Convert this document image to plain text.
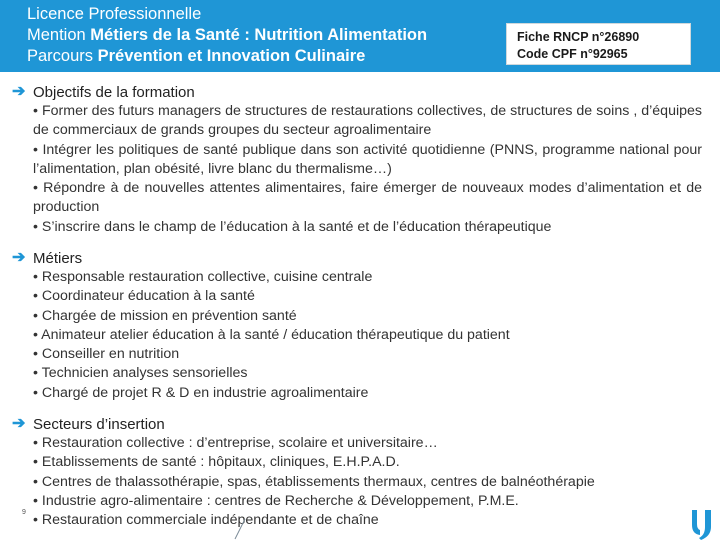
Licence Professionnelle
Mention Métiers de la Santé : Nutrition Alimentation
Parcours Prévention et Innovation Culinaire
Fiche RNCP n°26890
Code CPF n°92965
➔ Objectifs de la formation
• Former des futurs managers de structures de restaurations collectives, de structures de soins , d’équipes de commerciaux de grands groupes du secteur agroalimentaire
• Intégrer les politiques de santé publique dans son activité quotidienne (PNNS, programme national pour l’alimentation, plan obésité, livre blanc du thermalisme…)
• Répondre à de nouvelles attentes alimentaires, faire émerger de nouveaux modes d’alimentation et de production
• S’inscrire dans le champ de l’éducation à la santé et de l’éducation thérapeutique
➔ Métiers
• Responsable restauration collective, cuisine centrale
• Coordinateur éducation à la santé
• Chargée de mission en prévention santé
• Animateur atelier éducation à la santé / éducation thérapeutique du patient
• Conseiller en nutrition
• Technicien analyses sensorielles
• Chargé de projet R & D en industrie agroalimentaire
➔ Secteurs d’insertion
• Restauration collective : d’entreprise, scolaire et universitaire…
• Etablissements de santé : hôpitaux, cliniques, E.H.P.A.D.
• Centres de thalassothérapie, spas, établissements thermaux, centres de balnéothérapie
• Industrie agro-alimentaire : centres de Recherche & Développement, P.M.E.
• Restauration commerciale indépendante et de chaîne
9
